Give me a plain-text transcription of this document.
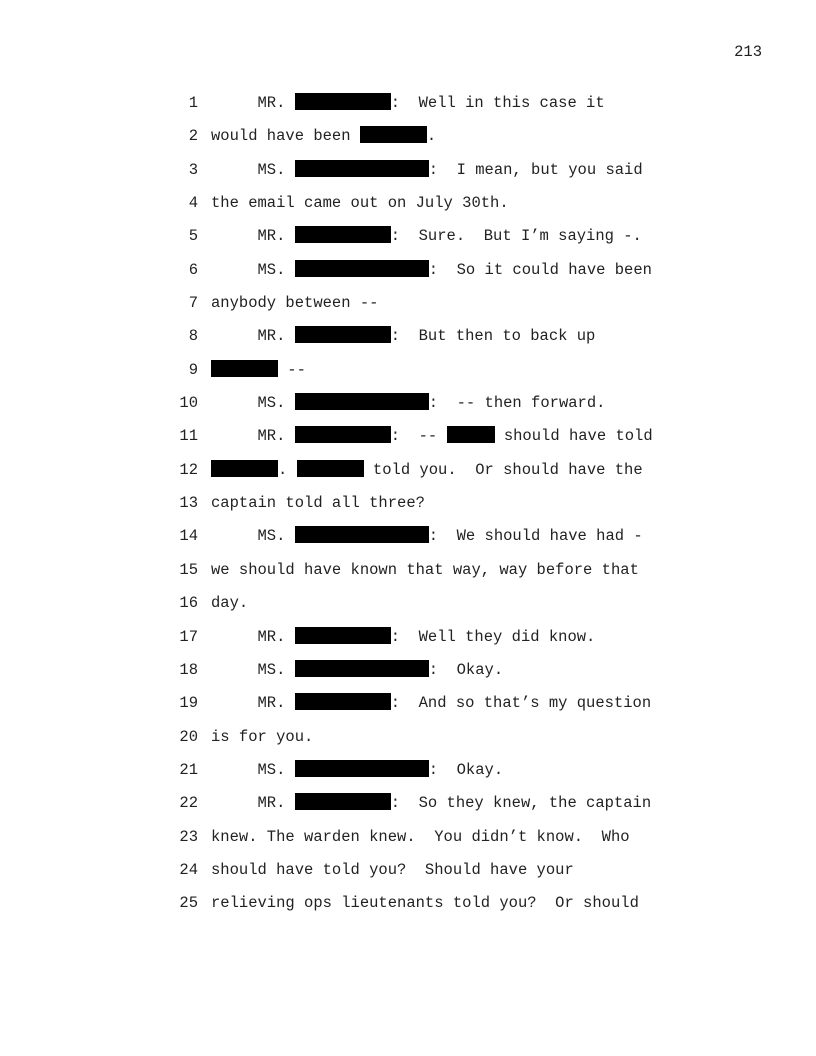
213
1     MR.	:  Well in this case it
2 would have been	.
3     MS.	:  I mean, but you said
4 the email came out on July 30th.
5     MR.	:  Sure.  But I’m saying -.
6     MS.	:  So it could have been
7 anybody between --
8     MR.	:  But then to back up
9	--
10     MS.	:  -- then forward.
11     MR.	:  --	should have told
12	.	told you.  Or should have the
13 captain told all three?
14     MS.	:  We should have had -
15 we should have known that way, way before that
16 day.
17     MR.	:  Well they did know.
18     MS.	:  Okay.
19     MR.	:  And so that’s my question
20 is for you.
21     MS.	:  Okay.
22     MR.	:  So they knew, the captain
23 knew. The warden knew.  You didn’t know.  Who
24 should have told you?  Should have your
25 relieving ops lieutenants told you?  Or should
